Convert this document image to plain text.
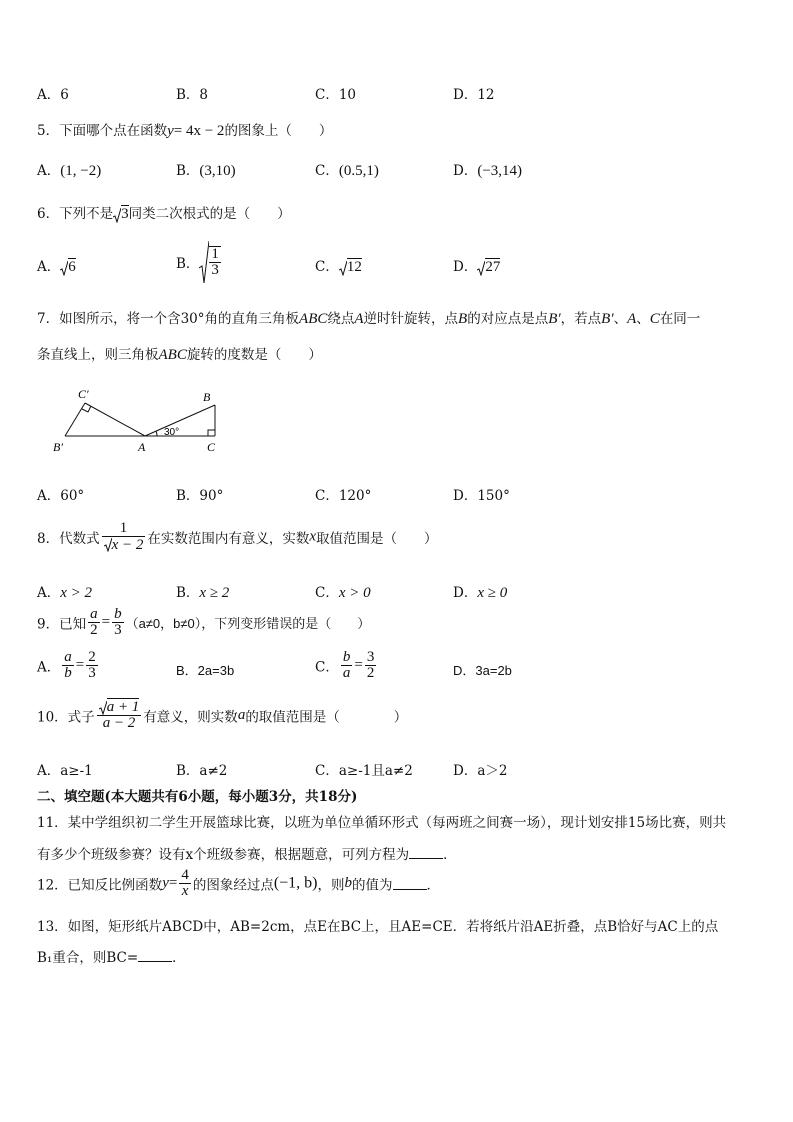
A．6	B．8	C．10	D．12
5．下面哪个点在函数y= 4x − 2的图象上（　　）
A．(1, −2)	B．(3,10)	C．(0.5,1)	D．(−3,14)
6．下列不是 3同类二次根式的是（　　）
A． 6	B． $\frac{1}{3}$	C． 12	D． 27
7．如图所示，将一个含30°角的直角三角板ABC绕点A逆时针旋转，点B的对应点是点B′，若点B′、A、C在同一
条直线上，则三角板ABC旋转的度数是（　　）
C′	B
B′	A	C
30°
A．60°	B．90°	C．120°	D．150°
8．代数式 $\frac{1}{x - 2}$ 在实数范围内有意义，实数x取值范围是（　　）
A．x > 2	B．x ≥ 2	C．x > 0	D．x ≥ 0
9．已知 $\frac{a}{2} = \frac{b}{3} (a\ne 0$，b≠0），下列变形错误的是（　　）
A． $\frac{a}{b} = \frac{2}{3}$	B．2a=3b	C． $\frac{b}{a} = \frac{3}{2}$	D．3a=2b
10．式子 $\frac{a + 1}{a - 2}$ 有意义，则实数a的取值范围是（　　　　）
A．a≥-1	B．a≠2	C．a≥-1且a≠2	D．a＞2
二、填空题(本大题共有6小题，每小题3分，共18分)
11．某中学组织初二学生开展篮球比赛，以班为单位单循环形式（每两班之间赛一场），现计划安排15场比赛，则共
有多少个班级参赛？设有x个班级参赛，根据题意，可列方程为	．
12．已知反比例函数$y= \frac{4}{x}$ 的图象经过点(−1, b)，则b的值为	．
13．如图，矩形纸片ABCD中，AB=2cm，点E在BC上，且AE=CE．若将纸片沿AE折叠，点B恰好与AC上的点
B₁重合，则BC=	．
